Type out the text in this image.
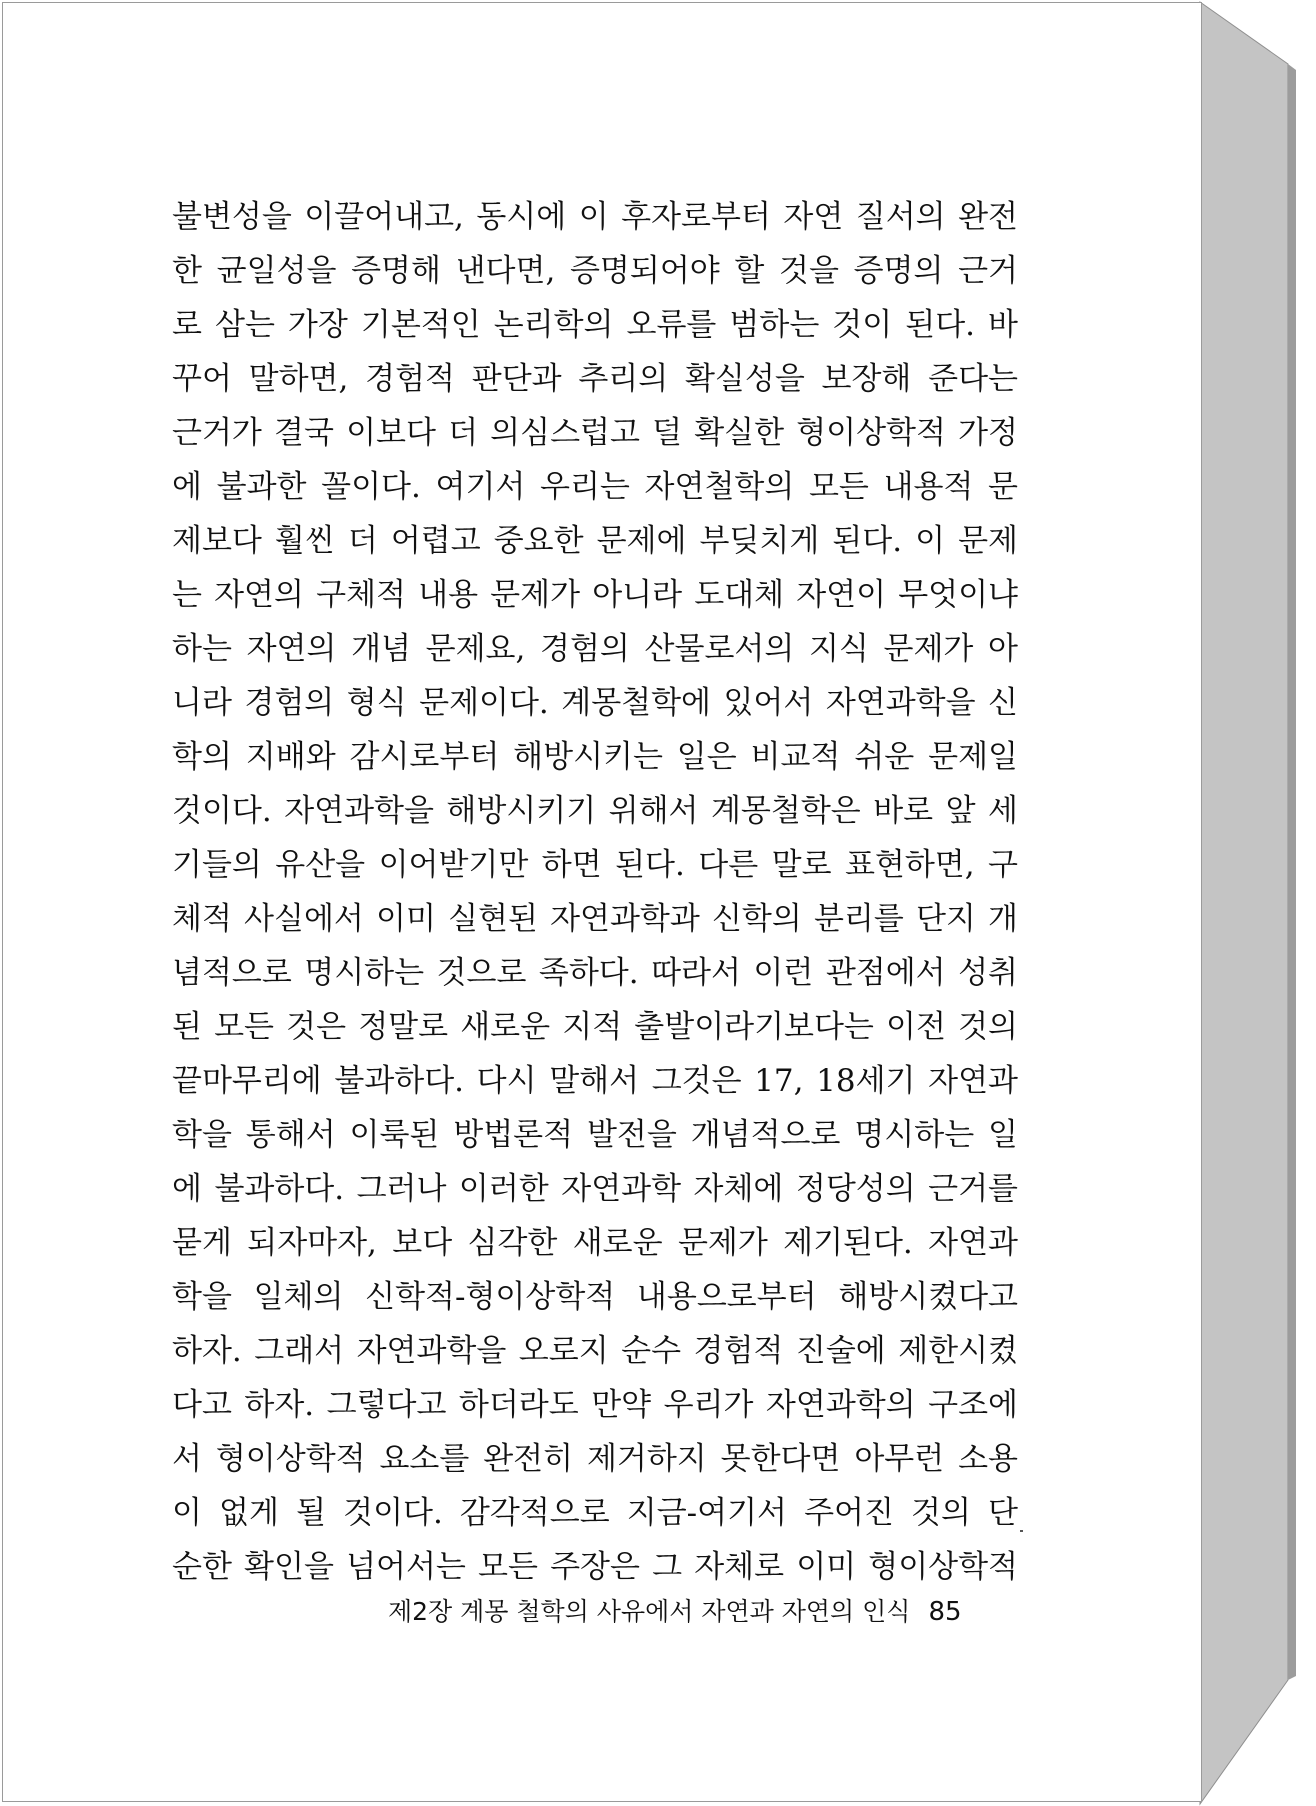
불변성을 이끌어내고, 동시에 이 후자로부터 자연 질서의 완전
한 균일성을 증명해 낸다면, 증명되어야 할 것을 증명의 근거
로 삼는 가장 기본적인 논리학의 오류를 범하는 것이 된다. 바
꾸어 말하면, 경험적 판단과 추리의 확실성을 보장해 준다는
근거가 결국 이보다 더 의심스럽고 덜 확실한 형이상학적 가정
에 불과한 꼴이다. 여기서 우리는 자연철학의 모든 내용적 문
제보다 훨씬 더 어렵고 중요한 문제에 부딪치게 된다. 이 문제
는 자연의 구체적 내용 문제가 아니라 도대체 자연이 무엇이냐
하는 자연의 개념 문제요, 경험의 산물로서의 지식 문제가 아
니라 경험의 형식 문제이다. 계몽철학에 있어서 자연과학을 신
학의 지배와 감시로부터 해방시키는 일은 비교적 쉬운 문제일
것이다. 자연과학을 해방시키기 위해서 계몽철학은 바로 앞 세
기들의 유산을 이어받기만 하면 된다. 다른 말로 표현하면, 구
체적 사실에서 이미 실현된 자연과학과 신학의 분리를 단지 개
념적으로 명시하는 것으로 족하다. 따라서 이런 관점에서 성취
된 모든 것은 정말로 새로운 지적 출발이라기보다는 이전 것의
끝마무리에 불과하다. 다시 말해서 그것은 17, 18세기 자연과
학을 통해서 이룩된 방법론적 발전을 개념적으로 명시하는 일
에 불과하다. 그러나 이러한 자연과학 자체에 정당성의 근거를
묻게 되자마자, 보다 심각한 새로운 문제가 제기된다. 자연과
학을 일체의 신학적-형이상학적 내용으로부터 해방시켰다고
하자. 그래서 자연과학을 오로지 순수 경험적 진술에 제한시켰
다고 하자. 그렇다고 하더라도 만약 우리가 자연과학의 구조에
서 형이상학적 요소를 완전히 제거하지 못한다면 아무런 소용
이 없게 될 것이다. 감각적으로 지금-여기서 주어진 것의 단
순한 확인을 넘어서는 모든 주장은 그 자체로 이미 형이상학적
제2장 계몽 철학의 사유에서 자연과 자연의 인식 85
